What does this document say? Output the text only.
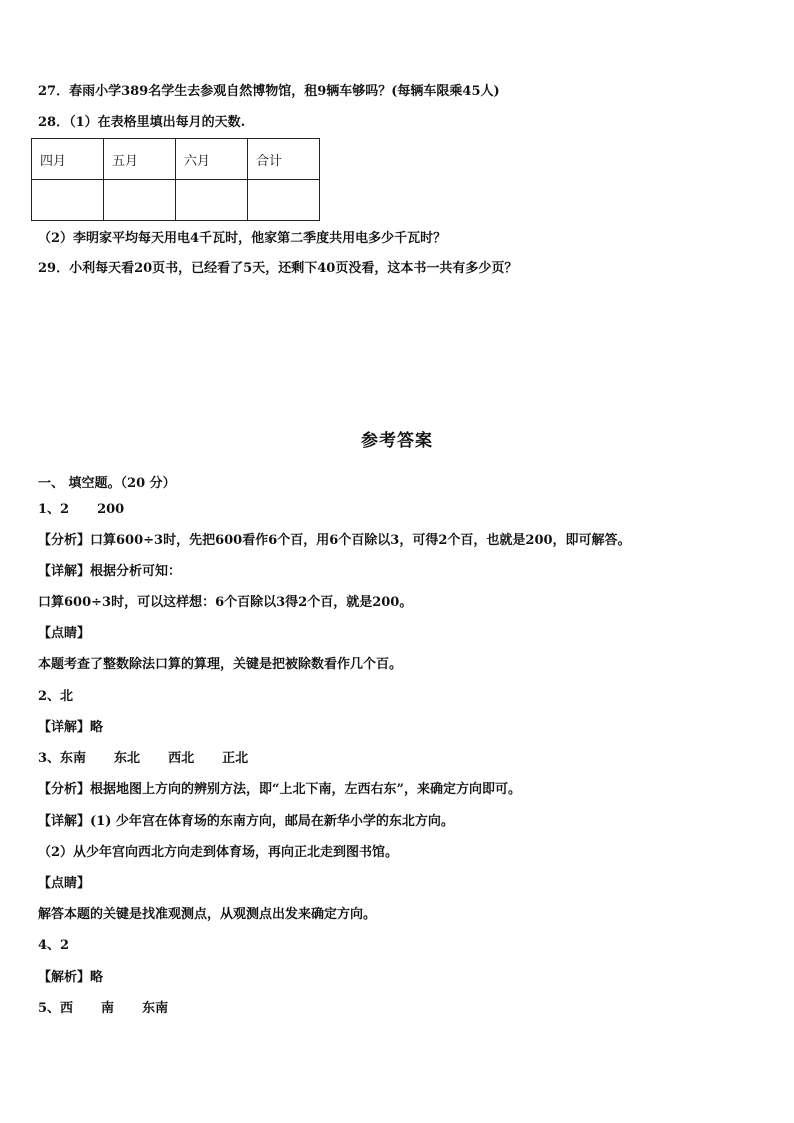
27．春雨小学389名学生去参观自然博物馆，租9辆车够吗？(每辆车限乘45人)
28．（1）在表格里填出每月的天数.
四月	五月	六月	合计

（2）李明家平均每天用电4千瓦时，他家第二季度共用电多少千瓦时？
29．小利每天看20页书，已经看了5天，还剩下40页没看，这本书一共有多少页？
参考答案
一、 填空题。（20 分）
1、2 200
【分析】口算600÷3时，先把600看作6个百，用6个百除以3，可得2个百，也就是200，即可解答。
【详解】根据分析可知：
口算600÷3时，可以这样想：6个百除以3得2个百，就是200。
【点睛】
本题考查了整数除法口算的算理，关键是把被除数看作几个百。
2、北
【详解】略
3、东南 东北 西北 正北
【分析】根据地图上方向的辨别方法，即“上北下南，左西右东”，来确定方向即可。
【详解】(1) 少年宫在体育场的东南方向，邮局在新华小学的东北方向。
（2）从少年宫向西北方向走到体育场，再向正北走到图书馆。
【点睛】
解答本题的关键是找准观测点，从观测点出发来确定方向。
4、2
【解析】略
5、西 南 东南
